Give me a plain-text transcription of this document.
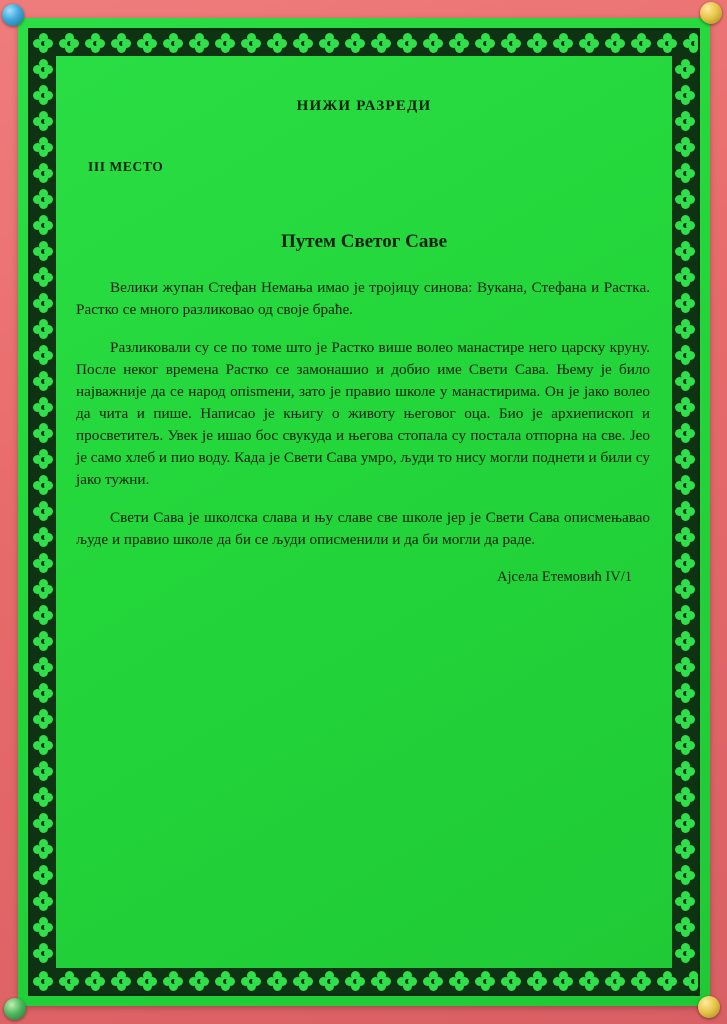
НИЖИ РАЗРЕДИ
III МЕСТО
Путем Светог Саве

Велики жупан Стефан Немања имао је тројицу синова: Вукана, Стефана и Растка. Растко се много разликовао од своје браће.

Разликовали су се по томе што је Растко више волео манастире него царску круну. После неког времена Растко се замонашио и добио име Свети Сава. Њему је било најважније да се народ опismeни, зато је правио школе у манастирима. Он је јако волео да чита и пише. Написао је књигу о животу његовог оца. Био је архиепископ и просветитељ. Увек је ишао бос свукуда и његова стопала су постала отпорна на све. Јео је само хлеб и пио воду. Када је Свети Сава умро, људи то нису могли поднети и били су јако тужни.

Свети Сава је школска слава и њу славе све школе јер је Свети Сава описмењавао људе и правио школе да би се људи описменили и да би могли да раде.

Ајсела Етемовић IV/1
